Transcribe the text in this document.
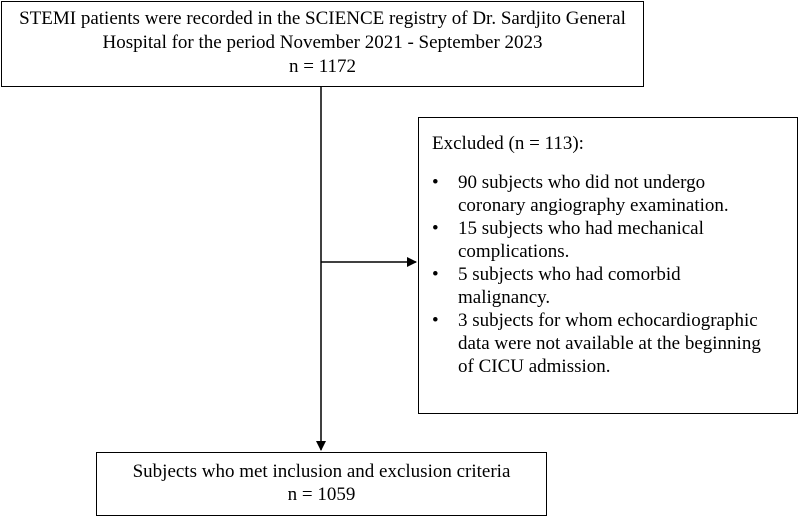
STEMI patients were recorded in the SCIENCE registry of Dr. Sardjito General
Hospital for the period November 2021 - September 2023
n = 1172
Excluded (n = 113):
• 90 subjects who did not undergo
coronary angiography examination.
• 15 subjects who had mechanical
complications.
• 5 subjects who had comorbid
malignancy.
• 3 subjects for whom echocardiographic
data were not available at the beginning
of CICU admission.
Subjects who met inclusion and exclusion criteria
n = 1059
